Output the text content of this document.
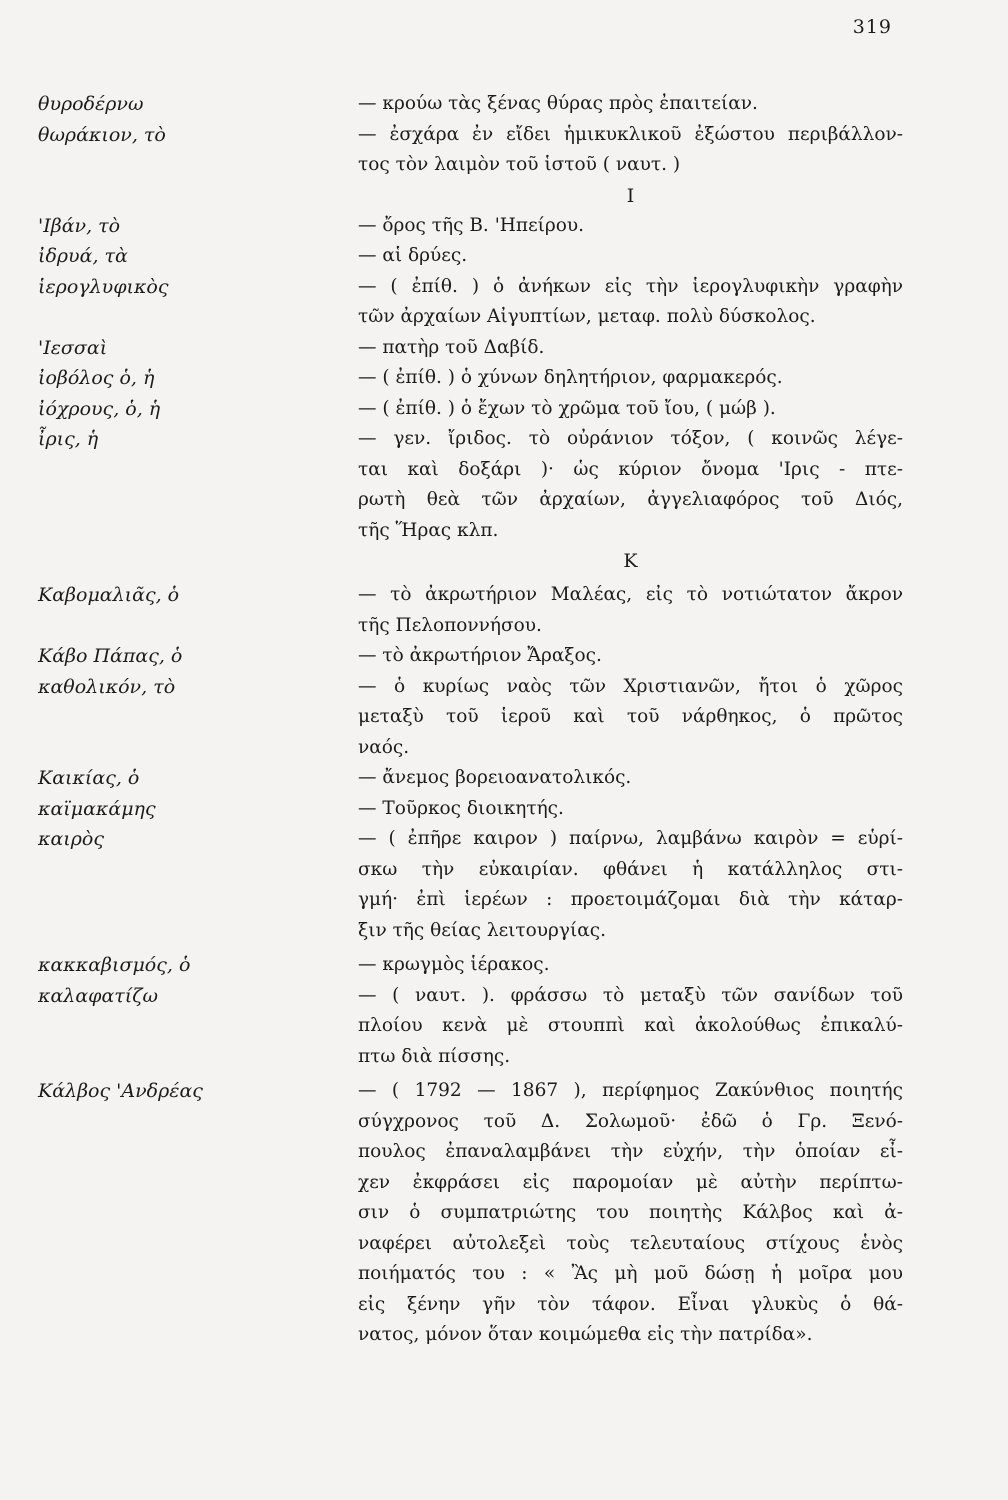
319
θυροδέρνω	— κρούω τὰς ξένας θύρας πρὸς ἐπαιτείαν.
θωράκιον, τὸ	— ἐσχάρα ἐν εἴδει ἡμικυκλικοῦ ἐξώστου περιβάλλον-
τος τὸν λαιμὸν τοῦ ἱστοῦ ( ναυτ. )
I
'Ιβάν, τὸ	— ὄρος τῆς Β. 'Ηπείρου.
ἰδρυά, τὰ	— αἱ δρύες.
ἱερογλυφικὸς	— ( ἐπίθ. ) ὁ ἀνήκων εἰς τὴν ἱερογλυφικὴν γραφὴν
τῶν ἀρχαίων Αἰγυπτίων, μεταφ. πολὺ δύσκολος.
'Ιεσσαὶ	— πατὴρ τοῦ Δαβίδ.
ἰοβόλος ὁ, ἡ	— ( ἐπίθ. ) ὁ χύνων δηλητήριον, φαρμακερός.
ἰόχρους, ὁ, ἡ	— ( ἐπίθ. ) ὁ ἔχων τὸ χρῶμα τοῦ ἴου, ( μώβ ).
ἶρις, ἡ	— γεν. ἴριδος. τὸ οὐράνιον τόξον, ( κοινῶς λέγε-
ται καὶ δοξάρι )· ὡς κύριον ὄνομα 'Ιρις - πτε-
ρωτὴ θεὰ τῶν ἀρχαίων, ἀγγελιαφόρος τοῦ Διός,
τῆς Ἥρας κλπ.
K
Καβομαλιᾶς, ὁ	— τὸ ἀκρωτήριον Μαλέας, εἰς τὸ νοτιώτατον ἄκρον
τῆς Πελοποννήσου.
Κάβο Πάπας, ὁ	— τὸ ἀκρωτήριον Ἄραξος.
καθολικόν, τὸ	— ὁ κυρίως ναὸς τῶν Χριστιανῶν, ἤτοι ὁ χῶρος
μεταξὺ τοῦ ἱεροῦ καὶ τοῦ νάρθηκος, ὁ πρῶτος
ναός.
Καικίας, ὁ	— ἄνεμος βορειοανατολικός.
καϊμακάμης	— Τοῦρκος διοικητής.
καιρὸς	— ( ἐπῆρε καιρον ) παίρνω, λαμβάνω καιρὸν = εὑρί-
σκω τὴν εὐκαιρίαν. φθάνει ἡ κατάλληλος στι-
γμή· ἐπὶ ἱερέων : προετοιμάζομαι διὰ τὴν κάταρ-
ξιν τῆς θείας λειτουργίας.
κακκαβισμός, ὁ	— κρωγμὸς ἱέρακος.
καλαφατίζω	— ( ναυτ. ). φράσσω τὸ μεταξὺ τῶν σανίδων τοῦ
πλοίου κενὰ μὲ στουππὶ καὶ ἀκολούθως ἐπικαλύ-
πτω διὰ πίσσης.
Κάλβος 'Ανδρέας	— ( 1792 — 1867 ), περίφημος Ζακύνθιος ποιητής
σύγχρονος τοῦ Δ. Σολωμοῦ· ἐδῶ ὁ Γρ. Ξενό-
πουλος ἐπαναλαμβάνει τὴν εὐχήν, τὴν ὁποίαν εἶ-
χεν ἐκφράσει εἰς παρομοίαν μὲ αὐτὴν περίπτω-
σιν ὁ συμπατριώτης του ποιητὴς Κάλβος καὶ ἀ-
ναφέρει αὐτολεξεὶ τοὺς τελευταίους στίχους ἑνὸς
ποιήματός του : « Ἂς μὴ μοῦ δώσῃ ἡ μοῖρα μου
εἰς ξένην γῆν τὸν τάφον. Εἶναι γλυκὺς ὁ θά-
νατος, μόνον ὅταν κοιμώμεθα εἰς τὴν πατρίδα».
